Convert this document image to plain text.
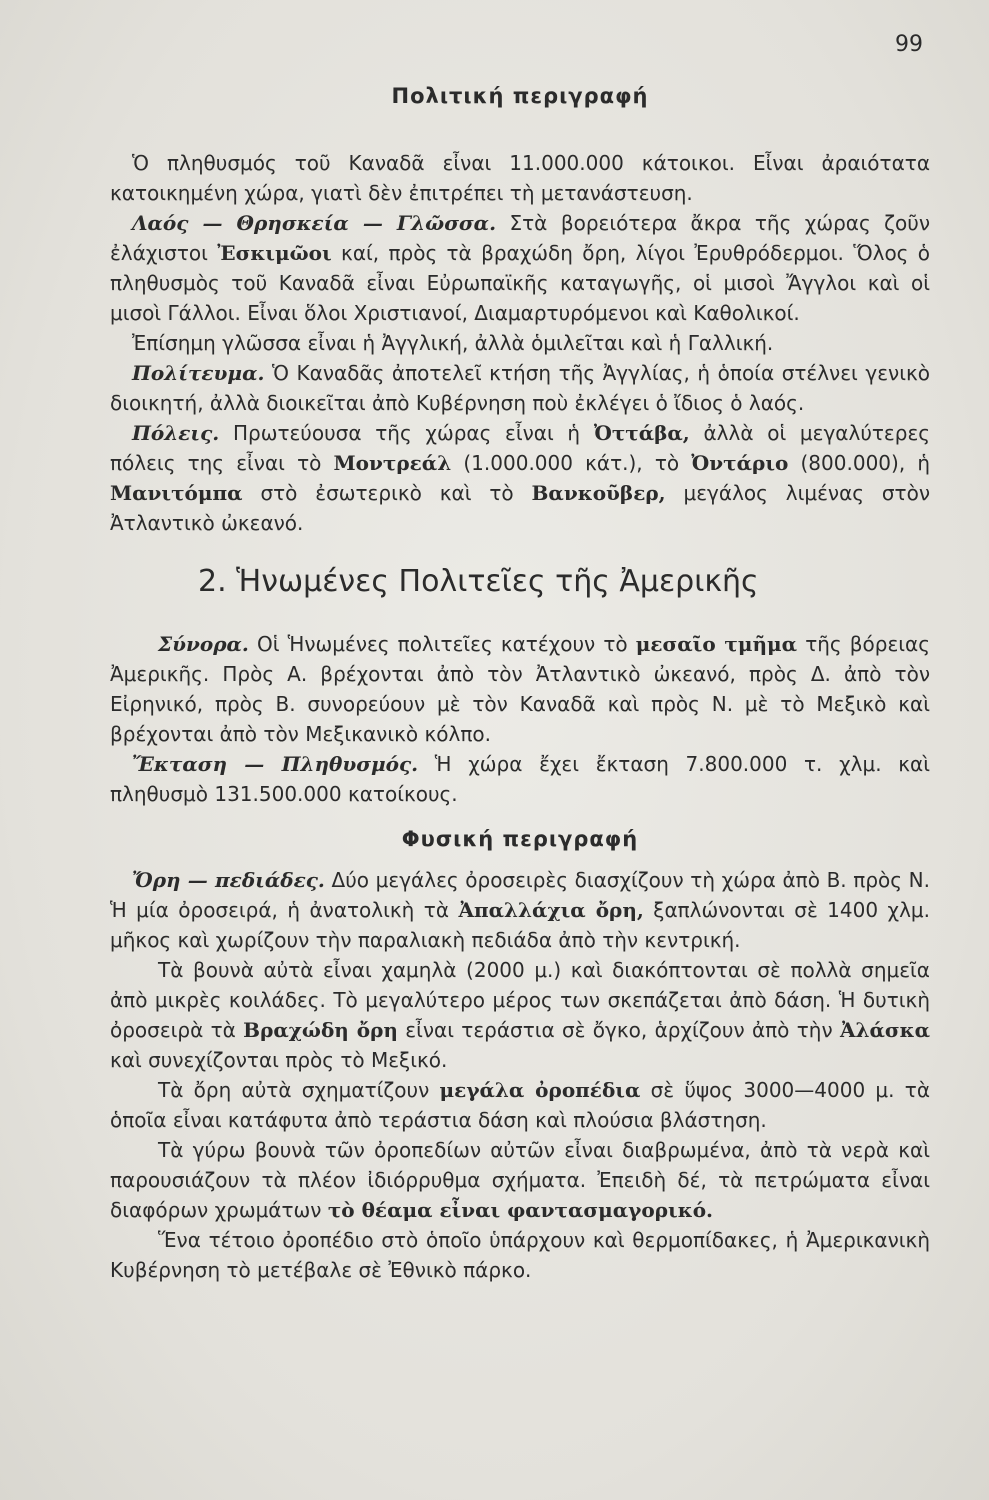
99
Πολιτική περιγραφή

Ὁ πληθυσμός τοῦ Καναδᾶ εἶναι 11.000.000 κάτοικοι. Εἶναι ἀραιότατα κατοικημένη χώρα, γιατὶ δὲν ἐπιτρέπει τὴ μετανάστευση.

Λαός — Θρησκεία — Γλῶσσα. Στὰ βορειότερα ἄκρα τῆς χώρας ζοῦν ἐλάχιστοι Ἐσκιμῶοι καί, πρὸς τὰ βραχώδη ὄρη, λίγοι Ἐρυθρόδερμοι. Ὅλος ὁ πληθυσμὸς τοῦ Καναδᾶ εἶναι Εὐρωπαϊκῆς καταγωγῆς, οἱ μισοὶ Ἄγγλοι καὶ οἱ μισοὶ Γάλλοι. Εἶναι ὅλοι Χριστιανοί, Διαμαρτυρόμενοι καὶ Καθολικοί.

Ἐπίσημη γλῶσσα εἶναι ἡ Ἀγγλική, ἀλλὰ ὁμιλεῖται καὶ ἡ Γαλλική.

Πολίτευμα. Ὁ Καναδᾶς ἀποτελεῖ κτήση τῆς Ἀγγλίας, ἡ ὁποία στέλνει γενικὸ διοικητή, ἀλλὰ διοικεῖται ἀπὸ Κυβέρνηση ποὺ ἐκλέγει ὁ ἴδιος ὁ λαός.

Πόλεις. Πρωτεύουσα τῆς χώρας εἶναι ἡ Ὀττάβα, ἀλλὰ οἱ μεγαλύτερες πόλεις της εἶναι τὸ Μοντρεάλ (1.000.000 κάτ.), τὸ Ὀντάριο (800.000), ἡ Μανιτόμπα στὸ ἐσωτερικὸ καὶ τὸ Βανκοῦβερ, μεγάλος λιμένας στὸν Ἀτλαντικὸ ὠκεανό.

2. Ἡνωμένες Πολιτεῖες τῆς Ἀμερικῆς

Σύνορα. Οἱ Ἡνωμένες πολιτεῖες κατέχουν τὸ μεσαῖο τμῆμα τῆς βόρειας Ἀμερικῆς. Πρὸς Α. βρέχονται ἀπὸ τὸν Ἀτλαντικὸ ὠκεανό, πρὸς Δ. ἀπὸ τὸν Εἰρηνικό, πρὸς Β. συνορεύουν μὲ τὸν Καναδᾶ καὶ πρὸς Ν. μὲ τὸ Μεξικὸ καὶ βρέχονται ἀπὸ τὸν Μεξικανικὸ κόλπο.

Ἔκταση — Πληθυσμός. Ἡ χώρα ἔχει ἔκταση 7.800.000 τ. χλμ. καὶ πληθυσμὸ 131.500.000 κατοίκους.

Φυσική περιγραφή

Ὄρη — πεδιάδες. Δύο μεγάλες ὀροσειρὲς διασχίζουν τὴ χώρα ἀπὸ Β. πρὸς Ν. Ἡ μία ὀροσειρά, ἡ ἀνατολικὴ τὰ Ἀπαλλάχια ὄρη, ξαπλώνονται σὲ 1400 χλμ. μῆκος καὶ χωρίζουν τὴν παραλιακὴ πεδιάδα ἀπὸ τὴν κεντρική.

Τὰ βουνὰ αὐτὰ εἶναι χαμηλὰ (2000 μ.) καὶ διακόπτονται σὲ πολλὰ σημεῖα ἀπὸ μικρὲς κοιλάδες. Τὸ μεγαλύτερο μέρος των σκεπάζεται ἀπὸ δάση. Ἡ δυτικὴ ὀροσειρὰ τὰ Βραχώδη ὄρη εἶναι τεράστια σὲ ὄγκο, ἁρχίζουν ἀπὸ τὴν Ἀλάσκα καὶ συνεχίζονται πρὸς τὸ Μεξικό.

Τὰ ὄρη αὐτὰ σχηματίζουν μεγάλα ὀροπέδια σὲ ὕψος 3000—4000 μ. τὰ ὁποῖα εἶναι κατάφυτα ἀπὸ τεράστια δάση καὶ πλούσια βλάστηση.

Τὰ γύρω βουνὰ τῶν ὀροπεδίων αὐτῶν εἶναι διαβρωμένα, ἀπὸ τὰ νερὰ καὶ παρουσιάζουν τὰ πλέον ἰδιόρρυθμα σχήματα. Ἐπειδὴ δέ, τὰ πετρώματα εἶναι διαφόρων χρωμάτων τὸ θέαμα εἶναι φαντασμαγορικό.

Ἕνα τέτοιο ὀροπέδιο στὸ ὁποῖο ὑπάρχουν καὶ θερμοπίδακες, ἡ Ἀμερικανικὴ Κυβέρνηση τὸ μετέβαλε σὲ Ἐθνικὸ πάρκο.
